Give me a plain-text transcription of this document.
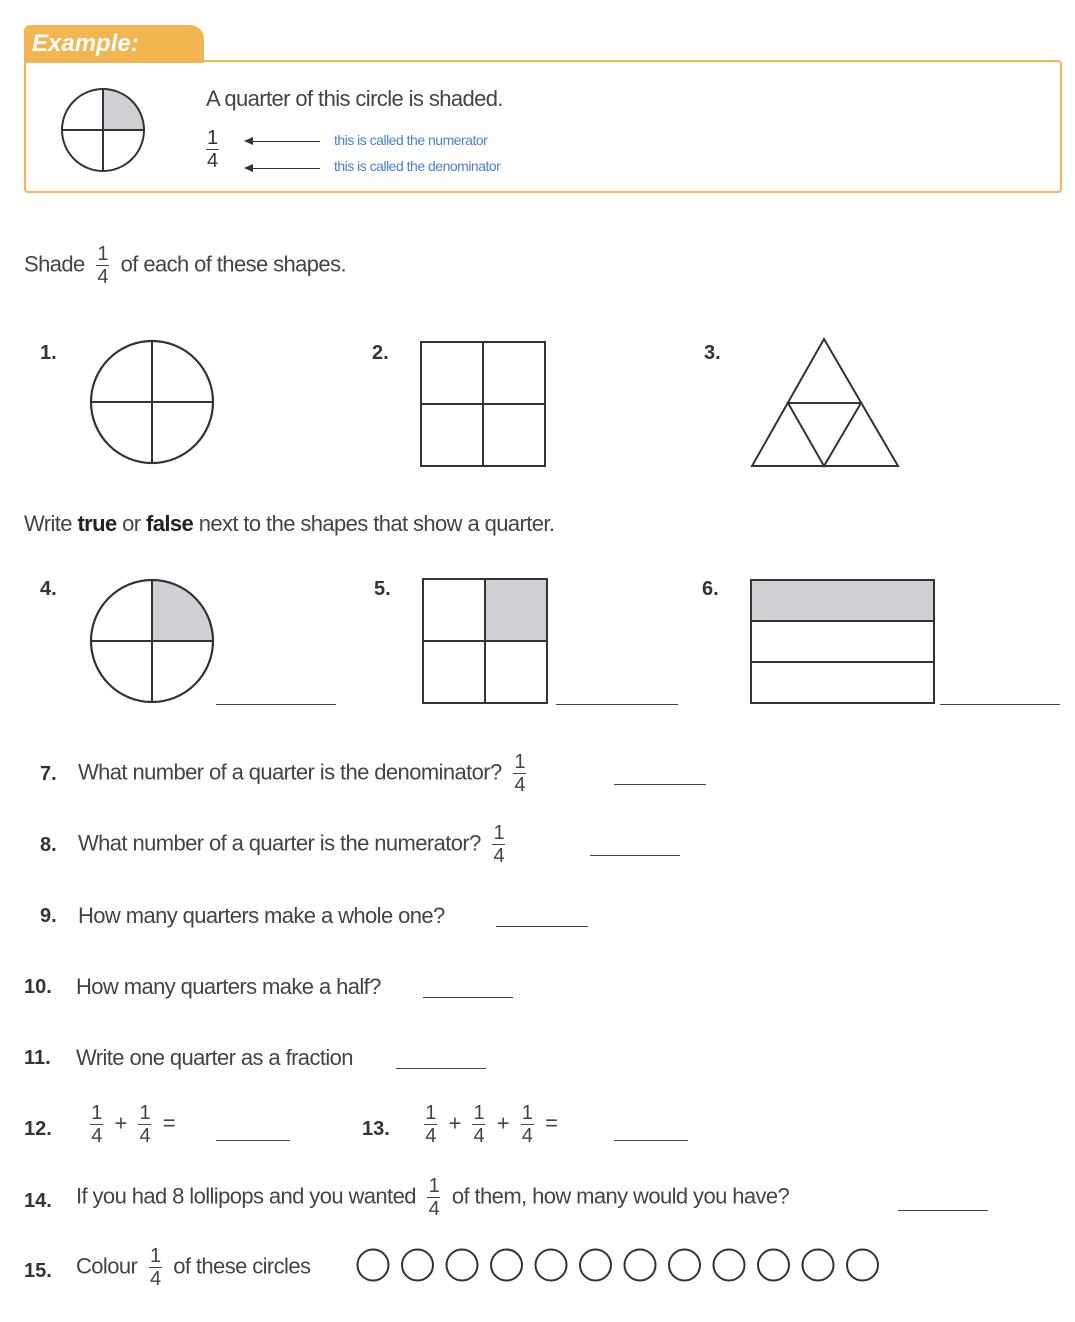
Example:
A quarter of this circle is shaded.
1
4
this is called the numerator
this is called the denominator
Shade $\frac{1}{4}$ of each of these shapes.
1.	2.	3.
Write true or false next to the shapes that show a quarter.
4.	5.	6.
7. What number of a quarter is the denominator? $\frac{1}{4}$
8. What number of a quarter is the numerator? $\frac{1}{4}$
9. How many quarters make a whole one?
10. How many quarters make a half?
11. Write one quarter as a fraction
12. $\frac{1}{4} + \frac{1}{4}$ =	13. $\frac{1}{4} + \frac{1}{4} + \frac{1}{4}$ =
14. If you had 8 lollipops and you wanted $\frac{1}{4}$ of them, how many would you have?
15. Colour $\frac{1}{4}$ of these circles
